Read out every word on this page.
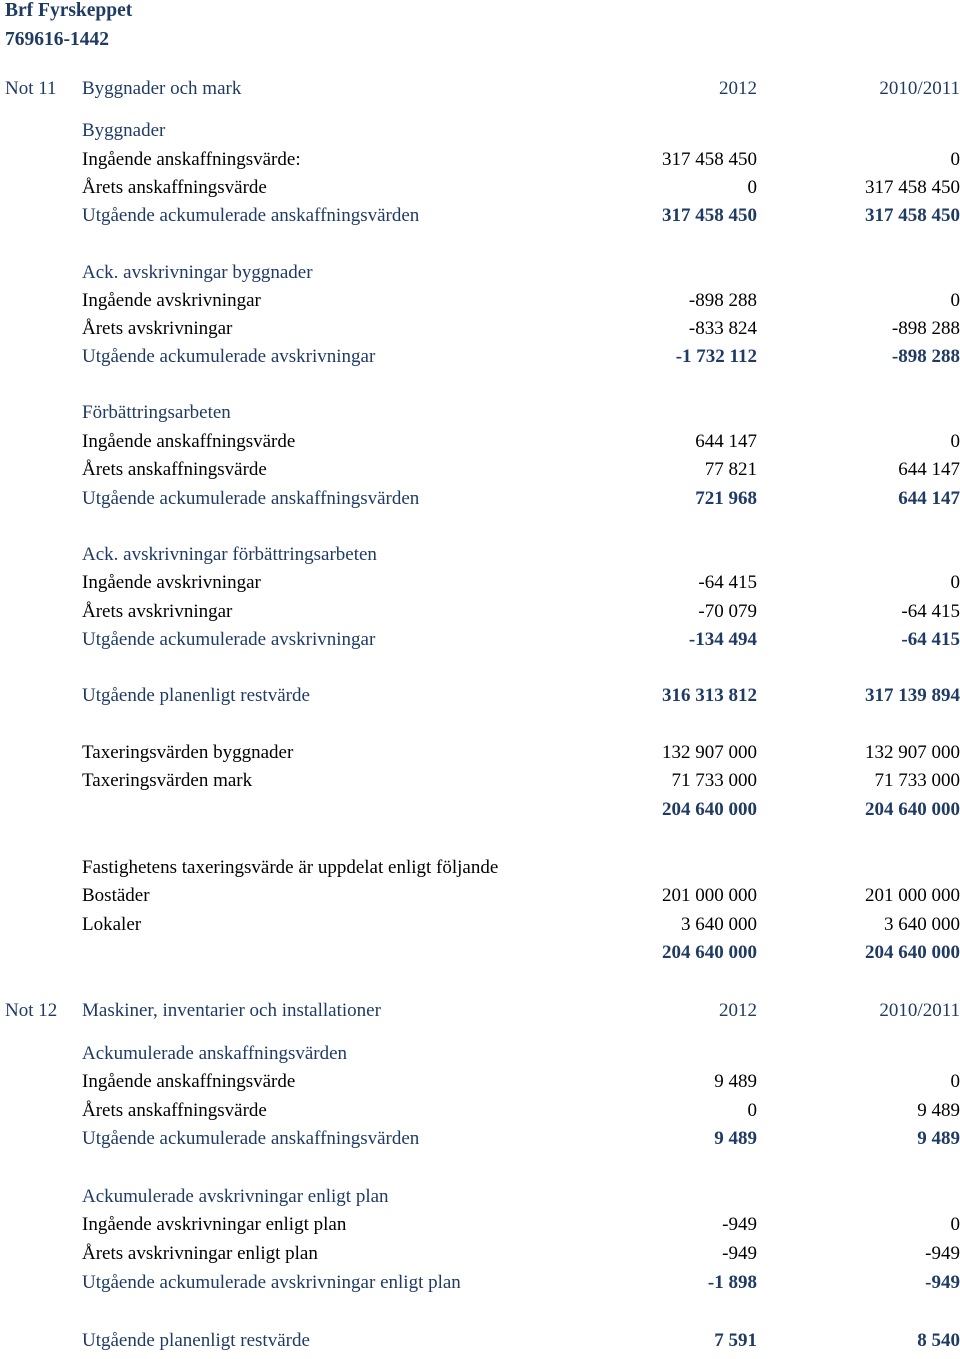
Brf Fyrskeppet
769616-1442
Not 11 Byggnader och mark	2012	2010/2011
Byggnader
Ingående anskaffningsvärde:	317 458 450	0
Årets anskaffningsvärde	0	317 458 450
Utgående ackumulerade anskaffningsvärden	317 458 450	317 458 450
Ack. avskrivningar byggnader
Ingående avskrivningar	-898 288	0
Årets avskrivningar	-833 824	-898 288
Utgående ackumulerade avskrivningar	-1 732 112	-898 288
Förbättringsarbeten
Ingående anskaffningsvärde	644 147	0
Årets anskaffningsvärde	77 821	644 147
Utgående ackumulerade anskaffningsvärden	721 968	644 147
Ack. avskrivningar förbättringsarbeten
Ingående avskrivningar	-64 415	0
Årets avskrivningar	-70 079	-64 415
Utgående ackumulerade avskrivningar	-134 494	-64 415
Utgående planenligt restvärde	316 313 812	317 139 894
Taxeringsvärden byggnader	132 907 000	132 907 000
Taxeringsvärden mark	71 733 000	71 733 000
204 640 000	204 640 000
Fastighetens taxeringsvärde är uppdelat enligt följande
Bostäder	201 000 000	201 000 000
Lokaler	3 640 000	3 640 000
204 640 000	204 640 000
Not 12 Maskiner, inventarier och installationer	2012	2010/2011
Ackumulerade anskaffningsvärden
Ingående anskaffningsvärde	9 489	0
Årets anskaffningsvärde	0	9 489
Utgående ackumulerade anskaffningsvärden	9 489	9 489
Ackumulerade avskrivningar enligt plan
Ingående avskrivningar enligt plan	-949	0
Årets avskrivningar enligt plan	-949	-949
Utgående ackumulerade avskrivningar enligt plan	-1 898	-949
Utgående planenligt restvärde	7 591	8 540
